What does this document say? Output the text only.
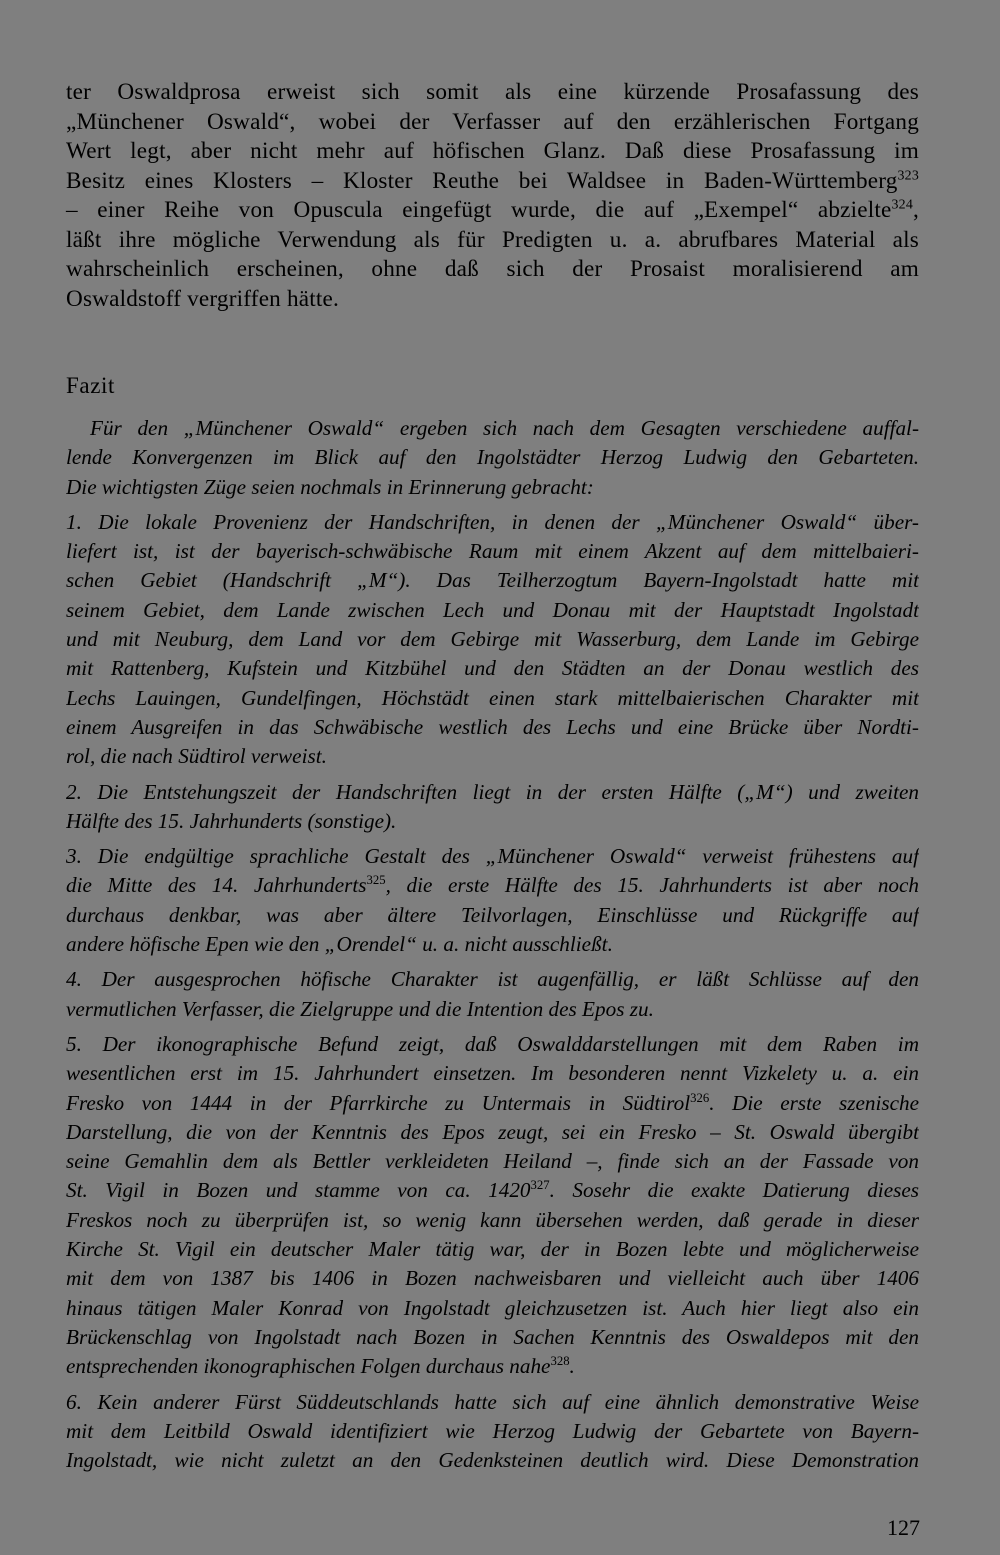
ter Oswaldprosa erweist sich somit als eine kürzende Prosafassung des
„Münchener Oswald“, wobei der Verfasser auf den erzählerischen Fortgang
Wert legt, aber nicht mehr auf höfischen Glanz. Daß diese Prosafassung im
Besitz eines Klosters – Kloster Reuthe bei Waldsee in Baden-Württemberg$^{323}$
– einer Reihe von Opuscula eingefügt wurde, die auf „Exempel“ abzielte$^{324}$,
läßt ihre mögliche Verwendung als für Predigten u. a. abrufbares Material als
wahrscheinlich erscheinen, ohne daß sich der Prosaist moralisierend am
Oswaldstoff vergriffen hätte.
Fazit
Für den „Münchener Oswald“ ergeben sich nach dem Gesagten verschiedene auffal-
lende Konvergenzen im Blick auf den Ingolstädter Herzog Ludwig den Gebarteten.
Die wichtigsten Züge seien nochmals in Erinnerung gebracht:
1. Die lokale Provenienz der Handschriften, in denen der „Münchener Oswald“ über-
liefert ist, ist der bayerisch-schwäbische Raum mit einem Akzent auf dem mittelbaieri-
schen Gebiet (Handschrift „M“). Das Teilherzogtum Bayern-Ingolstadt hatte mit
seinem Gebiet, dem Lande zwischen Lech und Donau mit der Hauptstadt Ingolstadt
und mit Neuburg, dem Land vor dem Gebirge mit Wasserburg, dem Lande im Gebirge
mit Rattenberg, Kufstein und Kitzbühel und den Städten an der Donau westlich des
Lechs Lauingen, Gundelfingen, Höchstädt einen stark mittelbaierischen Charakter mit
einem Ausgreifen in das Schwäbische westlich des Lechs und eine Brücke über Nordti-
rol, die nach Südtirol verweist.
2. Die Entstehungszeit der Handschriften liegt in der ersten Hälfte („M“) und zweiten
Hälfte des 15. Jahrhunderts (sonstige).
3. Die endgültige sprachliche Gestalt des „Münchener Oswald“ verweist frühestens auf
die Mitte des 14. Jahrhunderts$^{325}$, die erste Hälfte des 15. Jahrhunderts ist aber noch
durchaus denkbar, was aber ältere Teilvorlagen, Einschlüsse und Rückgriffe auf
andere höfische Epen wie den „Orendel“ u. a. nicht ausschließt.
4. Der ausgesprochen höfische Charakter ist augenfällig, er läßt Schlüsse auf den
vermutlichen Verfasser, die Zielgruppe und die Intention des Epos zu.
5. Der ikonographische Befund zeigt, daß Oswalddarstellungen mit dem Raben im
wesentlichen erst im 15. Jahrhundert einsetzen. Im besonderen nennt Vizkelety u. a. ein
Fresko von 1444 in der Pfarrkirche zu Untermais in Südtirol$^{326}$. Die erste szenische
Darstellung, die von der Kenntnis des Epos zeugt, sei ein Fresko – St. Oswald übergibt
seine Gemahlin dem als Bettler verkleideten Heiland –, finde sich an der Fassade von
St. Vigil in Bozen und stamme von ca. 1420$^{327}$. Sosehr die exakte Datierung dieses
Freskos noch zu überprüfen ist, so wenig kann übersehen werden, daß gerade in dieser
Kirche St. Vigil ein deutscher Maler tätig war, der in Bozen lebte und möglicherweise
mit dem von 1387 bis 1406 in Bozen nachweisbaren und vielleicht auch über 1406
hinaus tätigen Maler Konrad von Ingolstadt gleichzusetzen ist. Auch hier liegt also ein
Brückenschlag von Ingolstadt nach Bozen in Sachen Kenntnis des Oswaldepos mit den
entsprechenden ikonographischen Folgen durchaus nahe$^{328}$.
6. Kein anderer Fürst Süddeutschlands hatte sich auf eine ähnlich demonstrative Weise
mit dem Leitbild Oswald identifiziert wie Herzog Ludwig der Gebartete von Bayern-
Ingolstadt, wie nicht zuletzt an den Gedenksteinen deutlich wird. Diese Demonstration
127
